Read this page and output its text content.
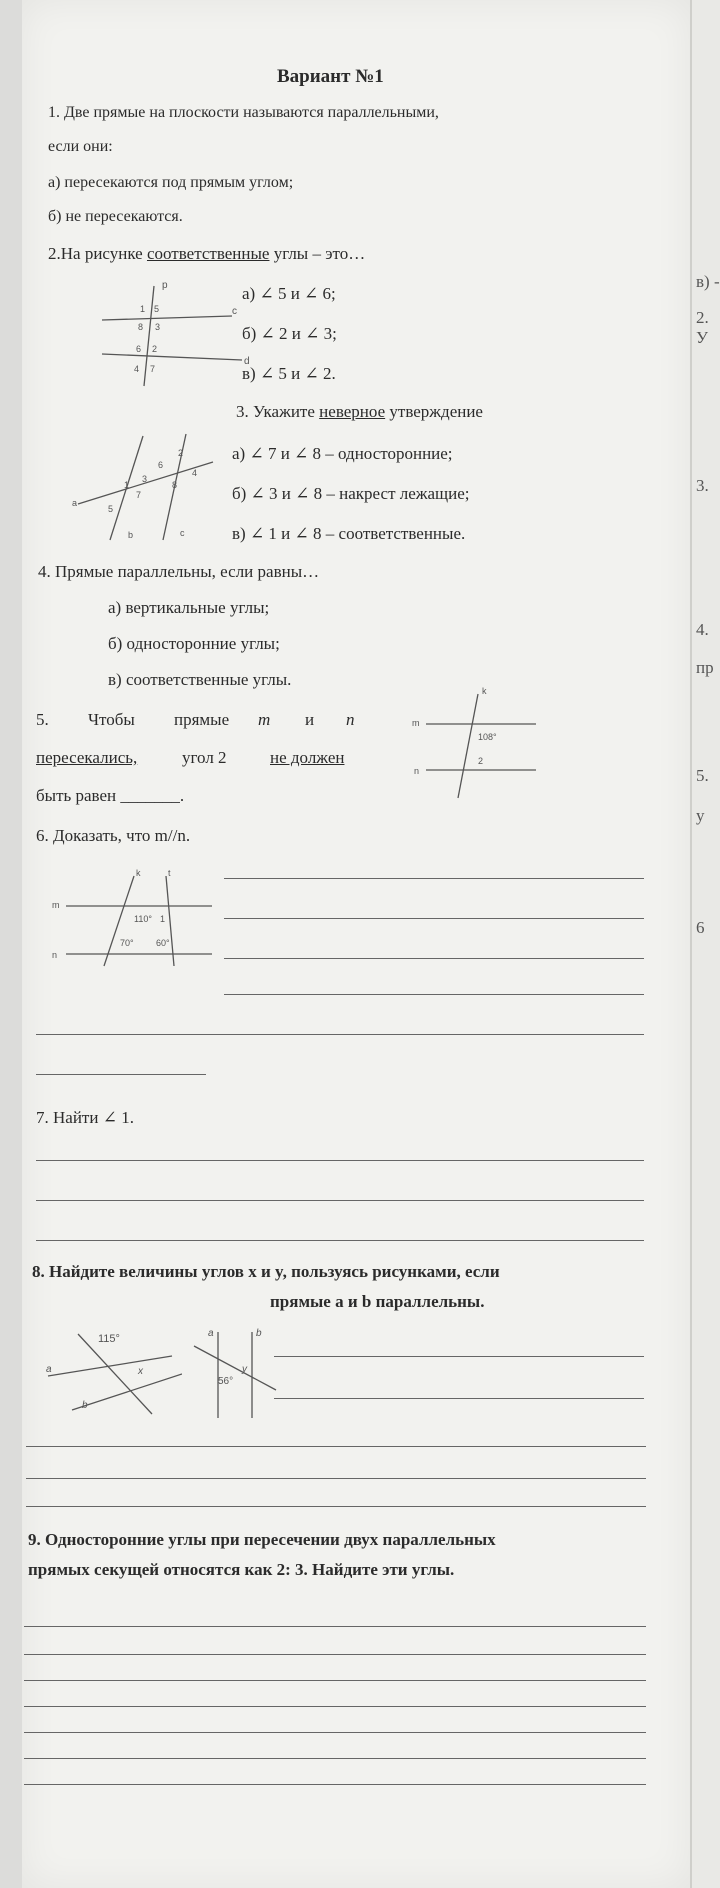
Вариант №1
1. Две прямые на плоскости называются параллельными,
если они:
а) пересекаются под прямым углом;
б) не пересекаются.
2.На рисунке соответственные углы – это…
p
c
d
1 5
8 3
6 2
4 7
а) ∠ 5 и ∠ 6;
б) ∠ 2 и ∠ 3;
в) ∠ 5 и ∠ 2.
3. Укажите неверное утверждение
a
b	c
1
7
3
5
2
6
4
8
а) ∠ 7 и ∠ 8 – односторонние;
б) ∠ 3 и ∠ 8 – накрест лежащие;
в) ∠ 1 и ∠ 8 – соответственные.
4. Прямые параллельны, если равны…
а) вертикальные углы;
б) односторонние углы;
в) соответственные углы.
5. Чтобы прямые m и n
пересекались,	угол 2	не должен
быть равен _______.
k
m
n
108°
2
6. Доказать, что m//n.
k	t
m
n
110° 1
70° 60°
7. Найти ∠ 1.
8. Найдите величины углов x и y, пользуясь рисунками, если
прямые a и b параллельны.
115°
a
b
x
a	b
y
56°
9. Односторонние углы при пересечении двух параллельных
прямых секущей относятся как 2: 3. Найдите эти углы.
в) -
2. У
3.
4.
пр
5.
у
6
